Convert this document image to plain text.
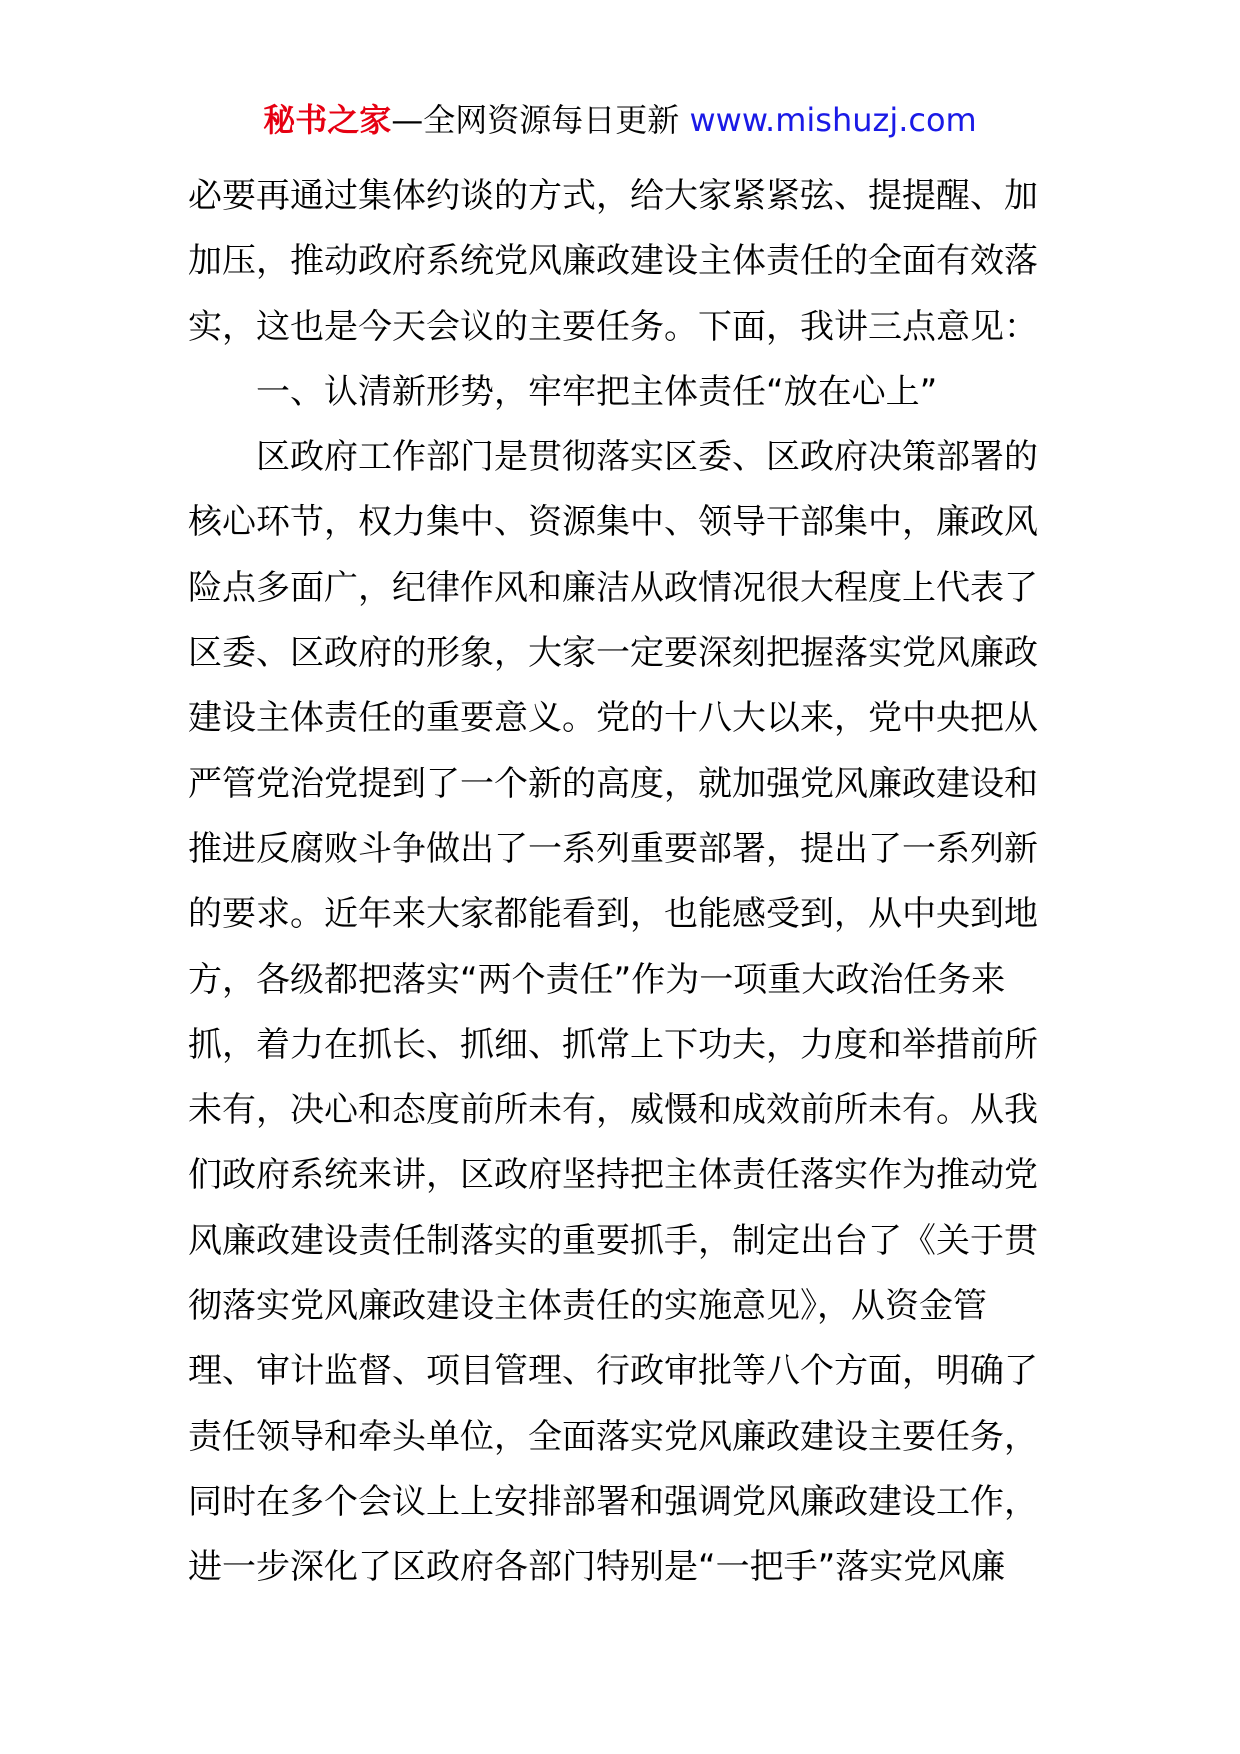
秘书之家—全网资源每日更新 www.mishuzj.com
必要再通过集体约谈的方式，给大家紧紧弦、提提醒、加
加压，推动政府系统党风廉政建设主体责任的全面有效落
实，这也是今天会议的主要任务。下面，我讲三点意见：
一、认清新形势，牢牢把主体责任“放在心上”
区政府工作部门是贯彻落实区委、区政府决策部署的
核心环节，权力集中、资源集中、领导干部集中，廉政风
险点多面广，纪律作风和廉洁从政情况很大程度上代表了
区委、区政府的形象，大家一定要深刻把握落实党风廉政
建设主体责任的重要意义。党的十八大以来，党中央把从
严管党治党提到了一个新的高度，就加强党风廉政建设和
推进反腐败斗争做出了一系列重要部署，提出了一系列新
的要求。近年来大家都能看到，也能感受到，从中央到地
方，各级都把落实“两个责任”作为一项重大政治任务来
抓，着力在抓长、抓细、抓常上下功夫，力度和举措前所
未有，决心和态度前所未有，威慑和成效前所未有。从我
们政府系统来讲，区政府坚持把主体责任落实作为推动党
风廉政建设责任制落实的重要抓手，制定出台了《关于贯
彻落实党风廉政建设主体责任的实施意见》，从资金管
理、审计监督、项目管理、行政审批等八个方面，明确了
责任领导和牵头单位，全面落实党风廉政建设主要任务，
同时在多个会议上上安排部署和强调党风廉政建设工作，
进一步深化了区政府各部门特别是“一把手”落实党风廉
